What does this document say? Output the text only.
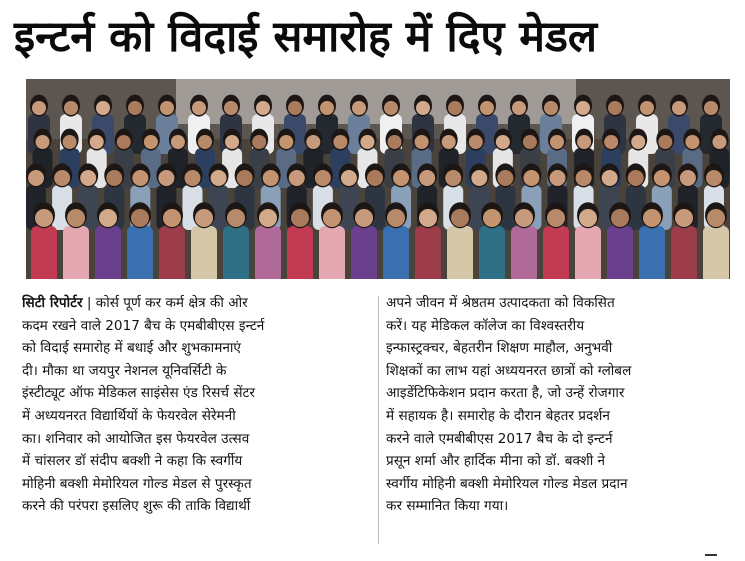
इन्टर्न को विदाई समारोह में दिए मेडल
सिटी रिपोर्टर | कोर्स पूर्ण कर कर्म क्षेत्र की ओर
कदम रखने वाले 2017 बैच के एमबीबीएस इन्टर्न
को विदाई समारोह में बधाई और शुभकामनाएं
दी। मौका था जयपुर नेशनल यूनिवर्सिटी के
इंस्टीट्यूट ऑफ मेडिकल साइंसेस एंड रिसर्च सेंटर
में अध्ययनरत विद्यार्थियों के फेयरवेल सेरेमनी
का। शनिवार को आयोजित इस फेयरवेल उत्सव
में चांसलर डॉ संदीप बक्शी ने कहा कि स्वर्गीय
मोहिनी बक्शी मेमोरियल गोल्ड मेडल से पुरस्कृत
करने की परंपरा इसलिए शुरू की ताकि विद्यार्थी
अपने जीवन में श्रेष्ठतम उत्पादकता को विकसित
करें। यह मेडिकल कॉलेज का विश्वस्तरीय
इन्फास्ट्रक्चर, बेहतरीन शिक्षण माहौल, अनुभवी
शिक्षकों का लाभ यहां अध्ययनरत छात्रों को ग्लोबल
आइडेंटिफिकेशन प्रदान करता है, जो उन्हें रोजगार
में सहायक है। समारोह के दौरान बेहतर प्रदर्शन
करने वाले एमबीबीएस 2017 बैच के दो इन्टर्न
प्रसून शर्मा और हार्दिक मीना को डॉ. बक्शी ने
स्वर्गीय मोहिनी बक्शी मेमोरियल गोल्ड मेडल प्रदान
कर सम्मानित किया गया।
